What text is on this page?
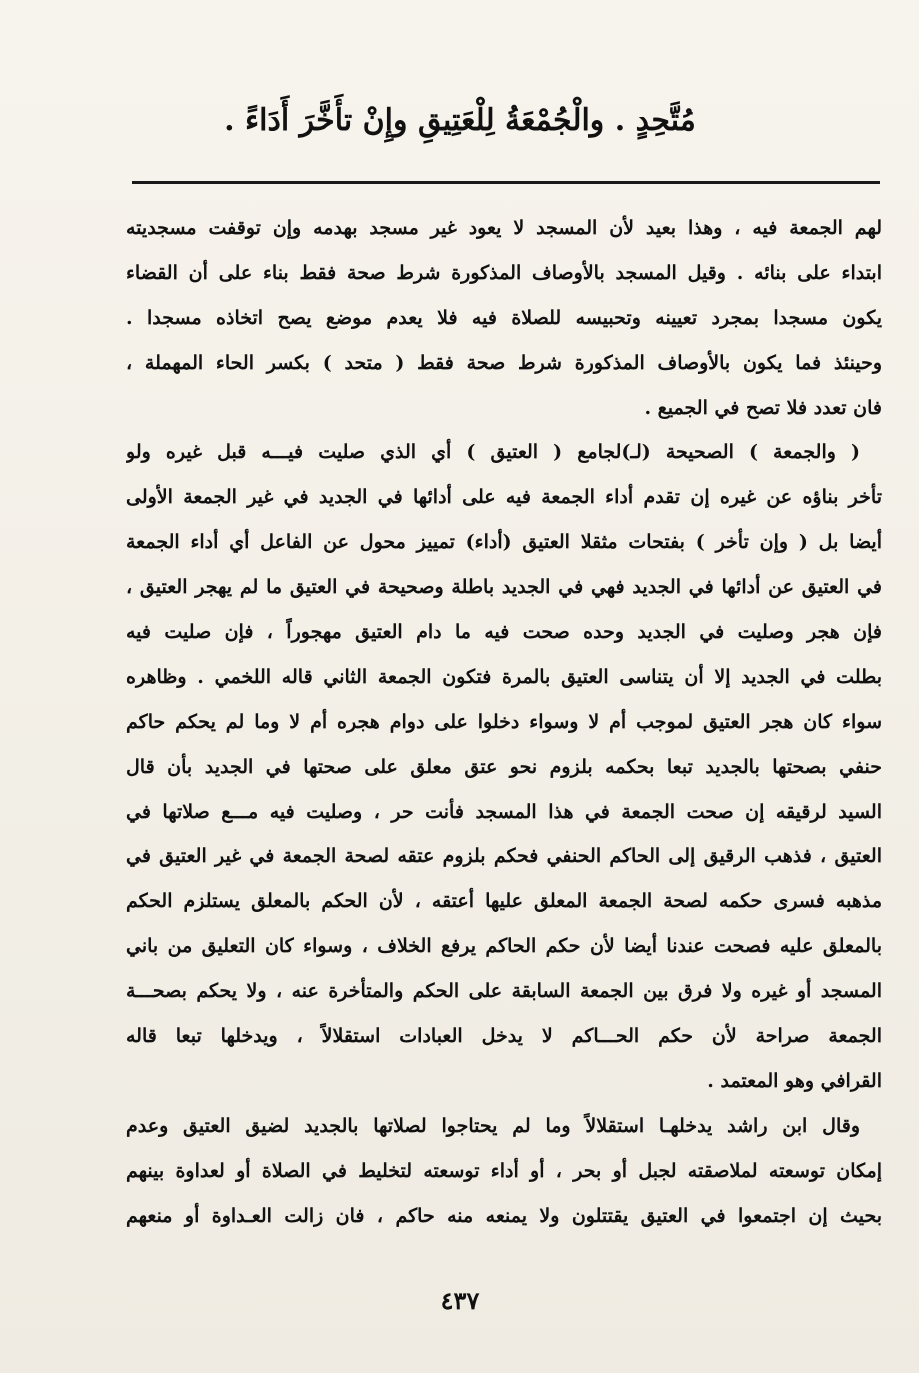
مُتَّحِدٍ . والْجُمْعَةُ لِلْعَتِيقِ وإِنْ تأَخَّرَ أَدَاءً .
لهم الجمعة فيه ، وهذا بعيد لأن المسجد لا يعود غير مسجد بهدمه وإن توقفت مسجديته
ابتداء على بنائه . وقيل المسجد بالأوصاف المذكورة شرط صحة فقط بناء على أن القضاء
يكون مسجدا بمجرد تعيينه وتحبيسه للصلاة فيه فلا يعدم موضع يصح اتخاذه مسجدا .
وحينئذ فما يكون بالأوصاف المذكورة شرط صحة فقط ( متحد ) بكسر الحاء المهملة ،
فان تعدد فلا تصح في الجميع .
( والجمعة ) الصحيحة (لـ)لجامع ( العتيق ) أي الذي صليت فيـــه قبل غيره ولو
تأخر بناؤه عن غيره إن تقدم أداء الجمعة فيه على أدائها في الجديد في غير الجمعة الأولى
أيضا بل ( وإن تأخر ) بفتحات مثقلا العتيق (أداء) تمييز محول عن الفاعل أي أداء الجمعة
في العتيق عن أدائها في الجديد فهي في الجديد باطلة وصحيحة في العتيق ما لم يهجر العتيق ،
فإن هجر وصليت في الجديد وحده صحت فيه ما دام العتيق مهجوراً ، فإن صليت فيه
بطلت في الجديد إلا أن يتناسى العتيق بالمرة فتكون الجمعة الثاني قاله اللخمي . وظاهره
سواء كان هجر العتيق لموجب أم لا وسواء دخلوا على دوام هجره أم لا وما لم يحكم حاكم
حنفي بصحتها بالجديد تبعا بحكمه بلزوم نحو عتق معلق على صحتها في الجديد بأن قال
السيد لرقيقه إن صحت الجمعة في هذا المسجد فأنت حر ، وصليت فيه مـــع صلاتها في
العتيق ، فذهب الرقيق إلى الحاكم الحنفي فحكم بلزوم عتقه لصحة الجمعة في غير العتيق في
مذهبه فسرى حكمه لصحة الجمعة المعلق عليها أعتقه ، لأن الحكم بالمعلق يستلزم الحكم
بالمعلق عليه فصحت عندنا أيضا لأن حكم الحاكم يرفع الخلاف ، وسواء كان التعليق من باني
المسجد أو غيره ولا فرق بين الجمعة السابقة على الحكم والمتأخرة عنه ، ولا يحكم بصحـــة
الجمعة صراحة لأن حكم الحـــاكم لا يدخل العبادات استقلالاً ، ويدخلها تبعا قاله
القرافي وهو المعتمد .
وقال ابن راشد يدخلهـا استقلالاً وما لم يحتاجوا لصلاتها بالجديد لضيق العتيق وعدم
إمكان توسعته لملاصقته لجبل أو بحر ، أو أداء توسعته لتخليط في الصلاة أو لعداوة بينهم
بحيث إن اجتمعوا في العتيق يقتتلون ولا يمنعه منه حاكم ، فان زالت العـداوة أو منعهم
٤٣٧
